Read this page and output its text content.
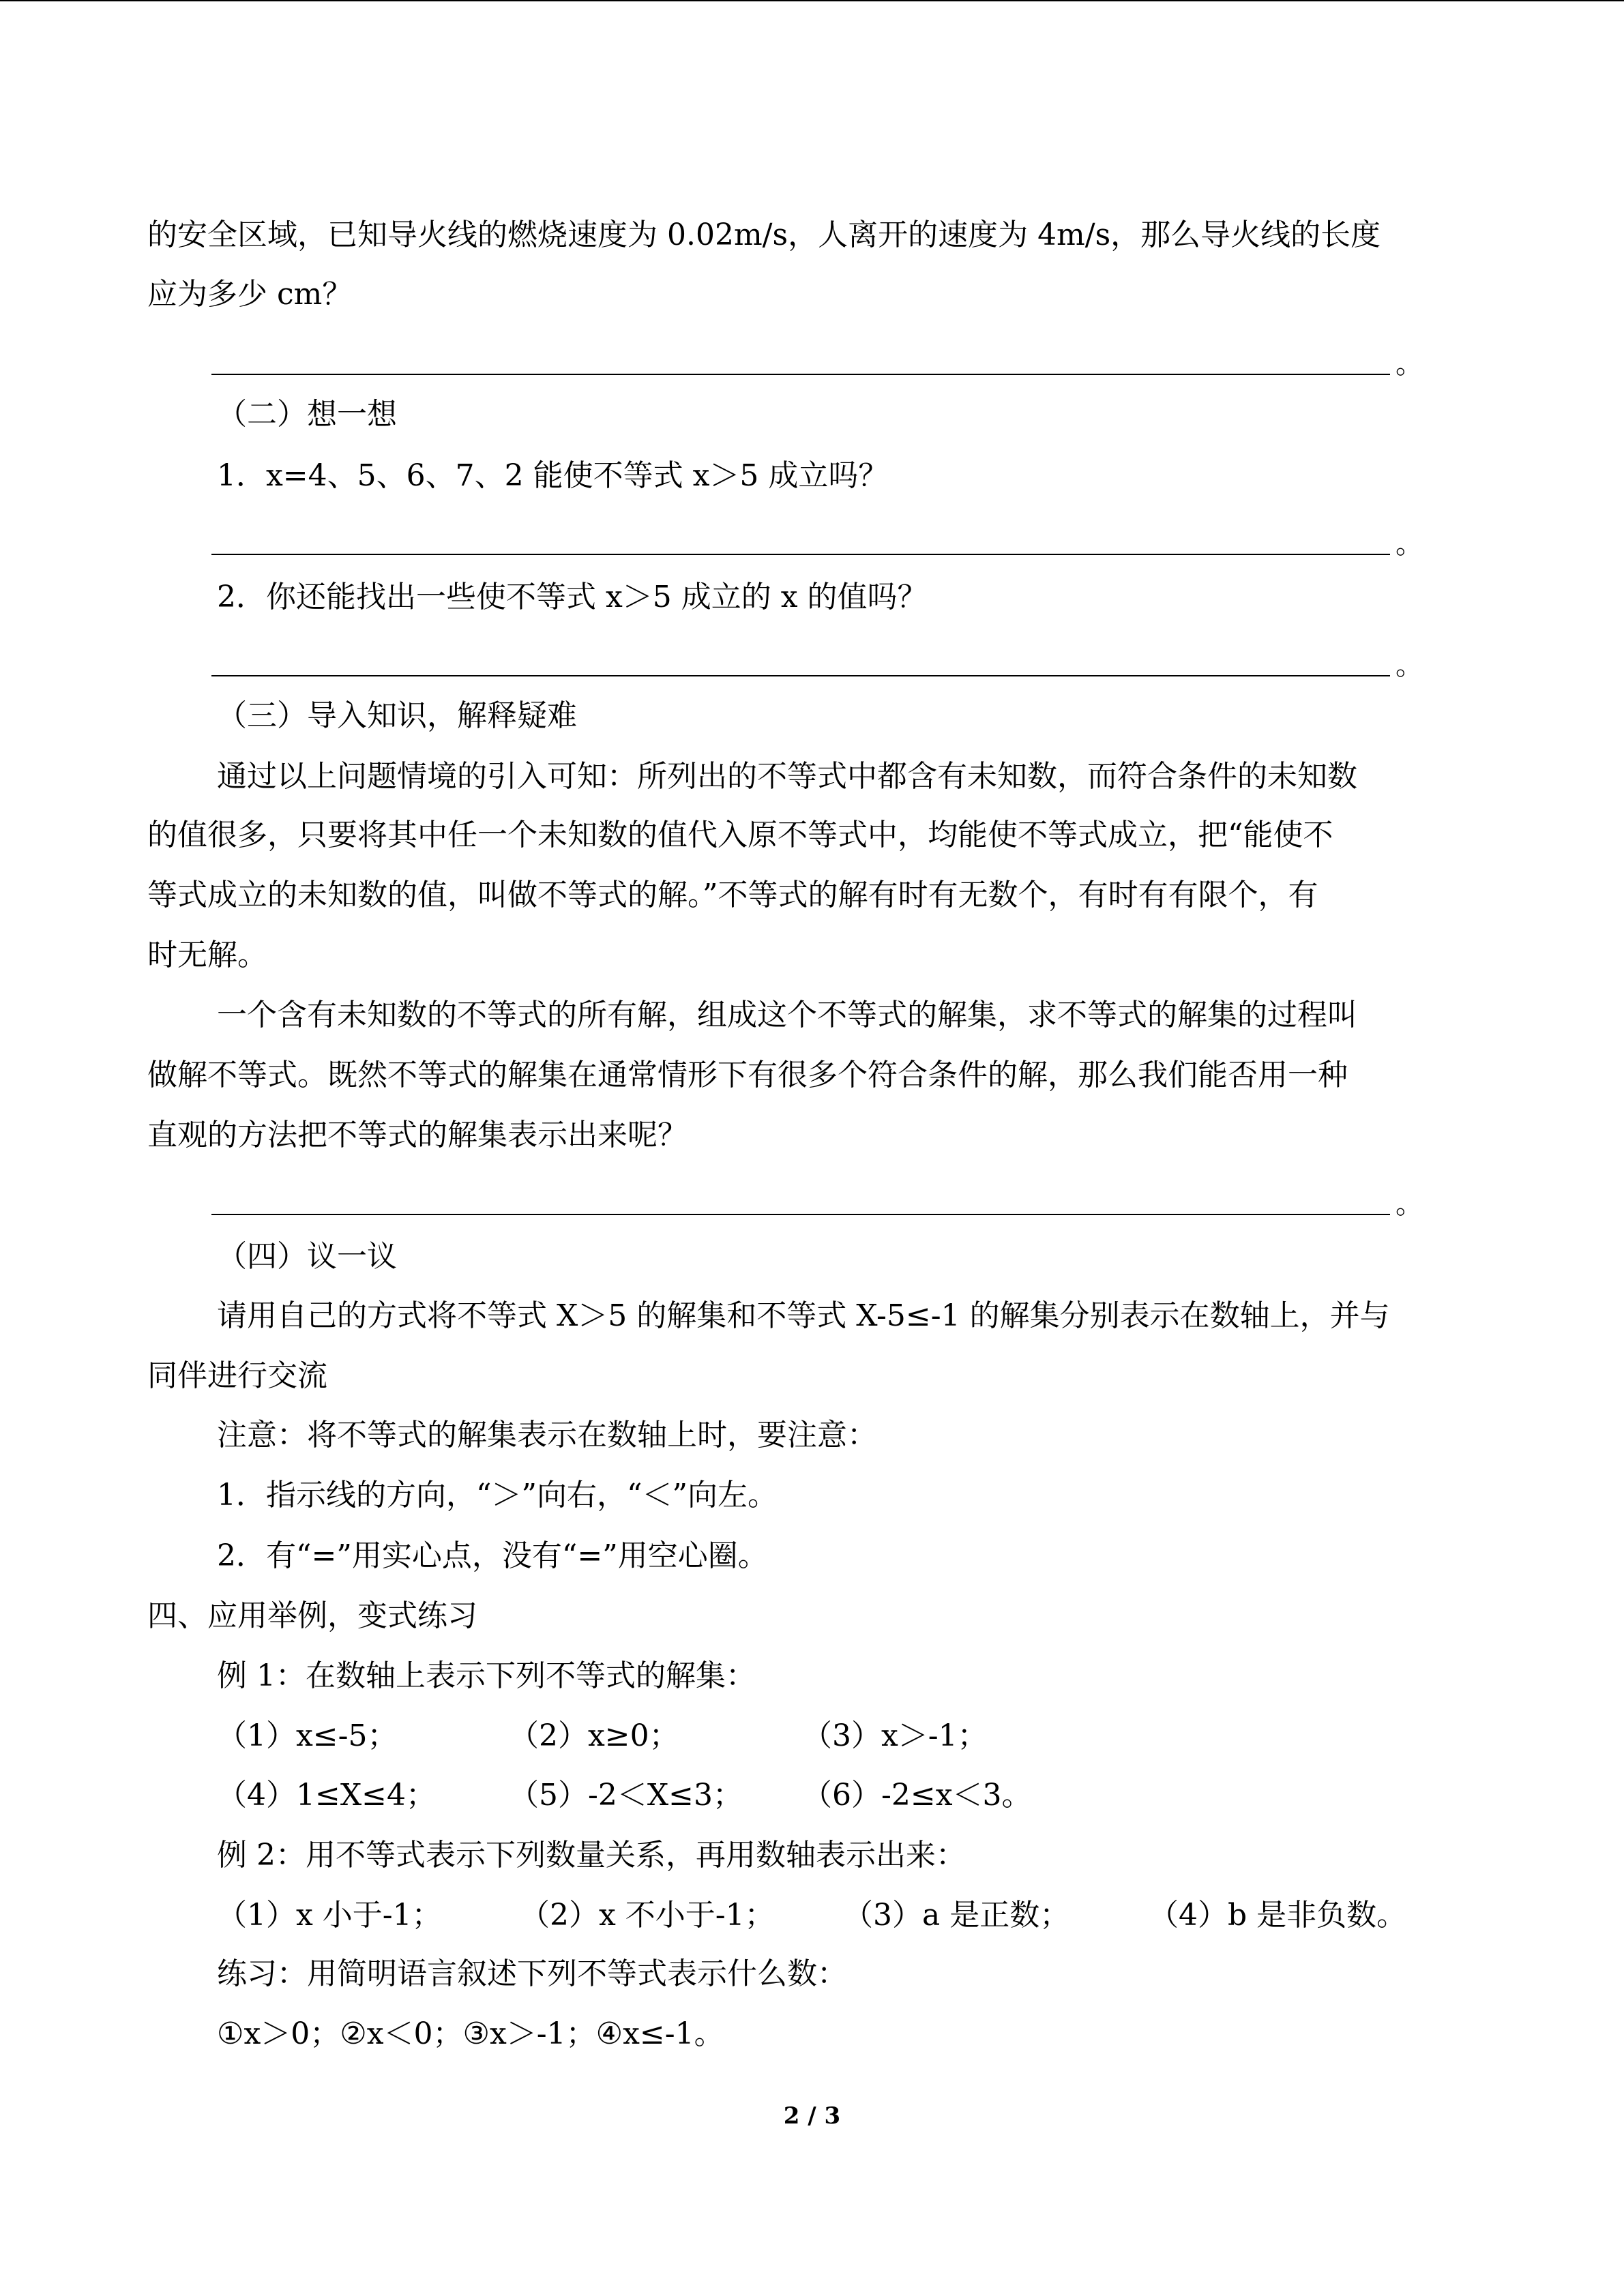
的安全区域，已知导火线的燃烧速度为 0.02m/s，人离开的速度为 4m/s，那么导火线的长度
应为多少 cm？
。
（二）想一想
1．x=4、5、6、7、2 能使不等式 x＞5 成立吗？
。
2．你还能找出一些使不等式 x＞5 成立的 x 的值吗？
。
（三）导入知识，解释疑难
通过以上问题情境的引入可知：所列出的不等式中都含有未知数，而符合条件的未知数
的值很多，只要将其中任一个未知数的值代入原不等式中，均能使不等式成立，把“能使不
等式成立的未知数的值，叫做不等式的解。”不等式的解有时有无数个，有时有有限个，有
时无解。
一个含有未知数的不等式的所有解，组成这个不等式的解集，求不等式的解集的过程叫
做解不等式。既然不等式的解集在通常情形下有很多个符合条件的解，那么我们能否用一种
直观的方法把不等式的解集表示出来呢？
。
（四）议一议
请用自己的方式将不等式 X＞5 的解集和不等式 X-5≤-1 的解集分别表示在数轴上，并与
同伴进行交流
注意：将不等式的解集表示在数轴上时，要注意：
1．指示线的方向，“＞”向右，“＜”向左。
2．有“=”用实心点，没有“=”用空心圈。
四、应用举例，变式练习
例 1：在数轴上表示下列不等式的解集：
（1）x≤-5；	（2）x≥0；	（3）x＞-1；
（4）1≤X≤4； （5）-2＜X≤3； （6）-2≤x＜3。
例 2：用不等式表示下列数量关系，再用数轴表示出来：
（1）x 小于-1；	（2）x 不小于-1； （3）a 是正数；	（4）b 是非负数。
练习：用简明语言叙述下列不等式表示什么数：
①x＞0；②x＜0；③x＞-1；④x≤-1。
2 / 3
